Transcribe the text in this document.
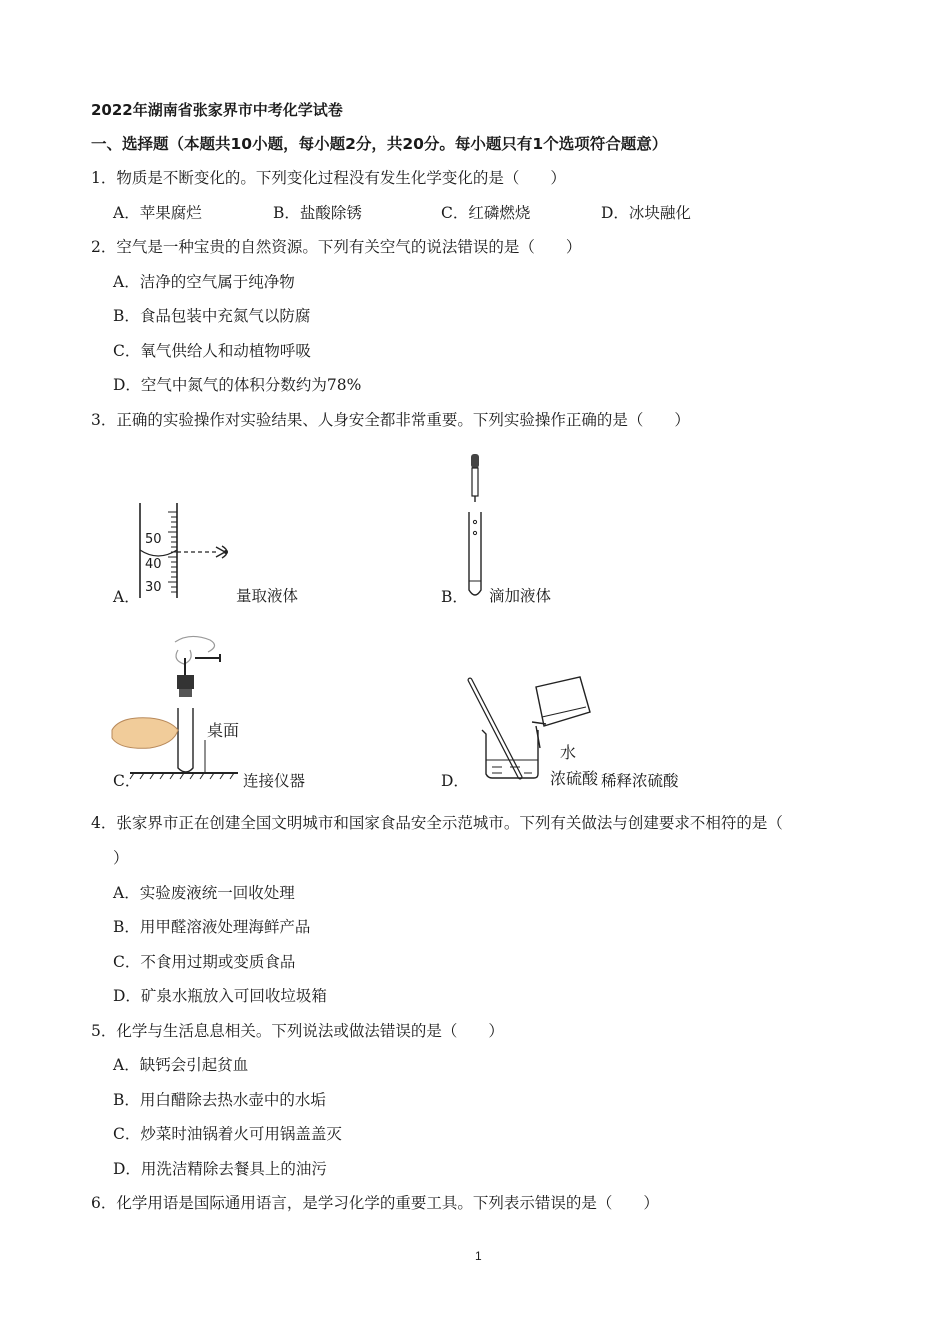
2022年湖南省张家界市中考化学试卷
一、选择题（本题共10小题，每小题2分，共20分。每小题只有1个选项符合题意）
1．物质是不断变化的。下列变化过程没有发生化学变化的是（　　）
A．苹果腐烂	B．盐酸除锈	C．红磷燃烧	D．冰块融化
2．空气是一种宝贵的自然资源。下列有关空气的说法错误的是（　　）
A．洁净的空气属于纯净物
B．食品包装中充氮气以防腐
C．氧气供给人和动植物呼吸
D．空气中氮气的体积分数约为78%
3．正确的实验操作对实验结果、人身安全都非常重要。下列实验操作正确的是（　　）
50
40
30
A．	量取液体	B． 滴加液体
桌面
C．	连接仪器
水
浓硫酸
D．	稀释浓硫酸
4．张家界市正在创建全国文明城市和国家食品安全示范城市。下列有关做法与创建要求不相符的是（
）
A．实验废液统一回收处理
B．用甲醛溶液处理海鲜产品
C．不食用过期或变质食品
D．矿泉水瓶放入可回收垃圾箱
5．化学与生活息息相关。下列说法或做法错误的是（　　）
A．缺钙会引起贫血
B．用白醋除去热水壶中的水垢
C．炒菜时油锅着火可用锅盖盖灭
D．用洗洁精除去餐具上的油污
6．化学用语是国际通用语言，是学习化学的重要工具。下列表示错误的是（　　）
1
